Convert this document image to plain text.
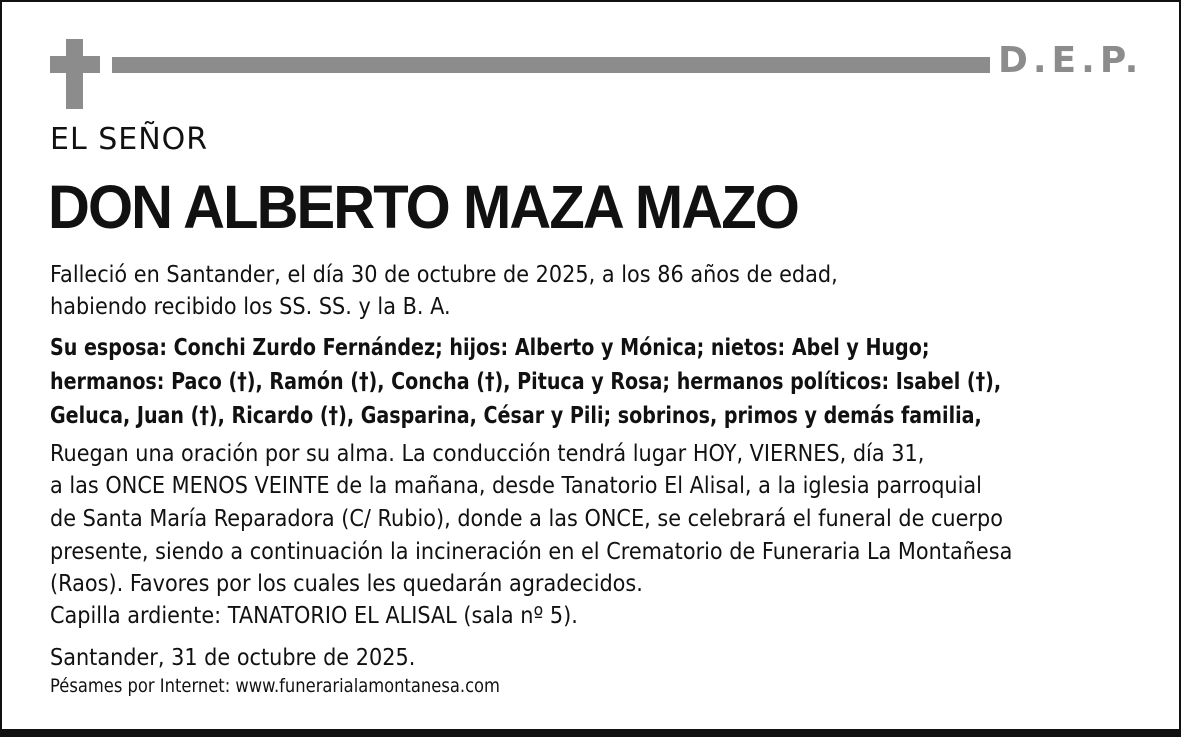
D.E.P.
EL SEÑOR
DON ALBERTO MAZA MAZO
Falleció en Santander, el día 30 de octubre de 2025, a los 86 años de edad,
habiendo recibido los SS. SS. y la B. A.
Su esposa: Conchi Zurdo Fernández; hijos: Alberto y Mónica; nietos: Abel y Hugo;
hermanos: Paco (†), Ramón (†), Concha (†), Pituca y Rosa; hermanos políticos: Isabel (†),
Geluca, Juan (†), Ricardo (†), Gasparina, César y Pili; sobrinos, primos y demás familia,
Ruegan una oración por su alma. La conducción tendrá lugar HOY, VIERNES, día 31,
a las ONCE MENOS VEINTE de la mañana, desde Tanatorio El Alisal, a la iglesia parroquial
de Santa María Reparadora (C/ Rubio), donde a las ONCE, se celebrará el funeral de cuerpo
presente, siendo a continuación la incineración en el Crematorio de Funeraria La Montañesa
(Raos). Favores por los cuales les quedarán agradecidos.
Capilla ardiente: TANATORIO EL ALISAL (sala nº 5).
Santander, 31 de octubre de 2025.
Pésames por Internet: www.funerarialamontanesa.com
